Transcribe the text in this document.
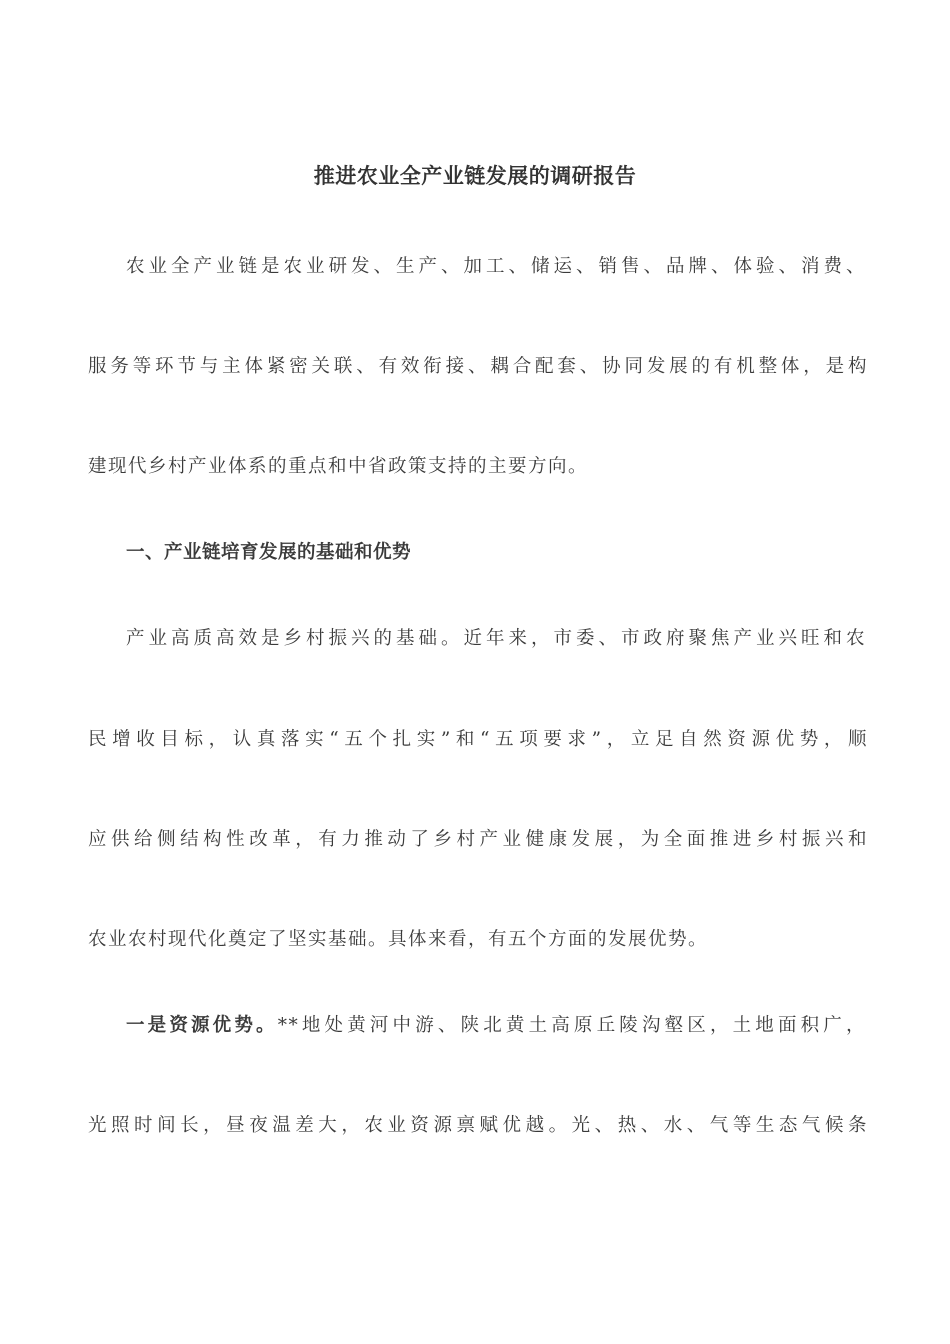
推进农业全产业链发展的调研报告

农业全产业链是农业研发、生产、加工、储运、销售、品牌、体验、消费、

服务等环节与主体紧密关联、有效衔接、耦合配套、协同发展的有机整体，是构

建现代乡村产业体系的重点和中省政策支持的主要方向。

一、产业链培育发展的基础和优势

产业高质高效是乡村振兴的基础。近年来，市委、市政府聚焦产业兴旺和农

民增收目标，认真落实“五个扎实”和“五项要求”，立足自然资源优势，顺

应供给侧结构性改革，有力推动了乡村产业健康发展，为全面推进乡村振兴和

农业农村现代化奠定了坚实基础。具体来看，有五个方面的发展优势。

一是资源优势。**地处黄河中游、陕北黄土高原丘陵沟壑区，土地面积广，

光照时间长，昼夜温差大，农业资源禀赋优越。光、热、水、气等生态气候条
